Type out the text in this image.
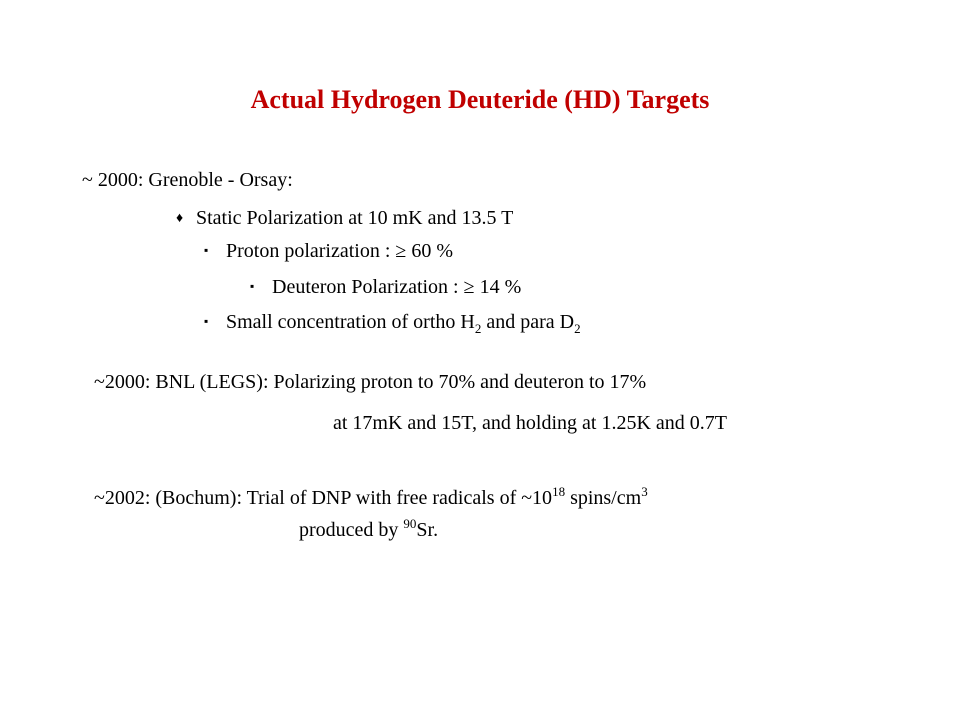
Actual Hydrogen Deuteride (HD) Targets
~ 2000: Grenoble - Orsay:
♦ Static Polarization at 10 mK and 13.5 T
▪ Proton polarization : ≥ 60 %
▪ Deuteron Polarization : ≥ 14 %
▪ Small concentration of ortho $H_2$ and para $D_2$
~2000: BNL (LEGS): Polarizing proton to 70% and deuteron to 17%
at 17mK and 15T, and holding at 1.25K and 0.7T
~2002: (Bochum): Trial of DNP with free radicals of $\sim 10^{18}$ spins/$cm^3$
produced by $^{90}$Sr.
